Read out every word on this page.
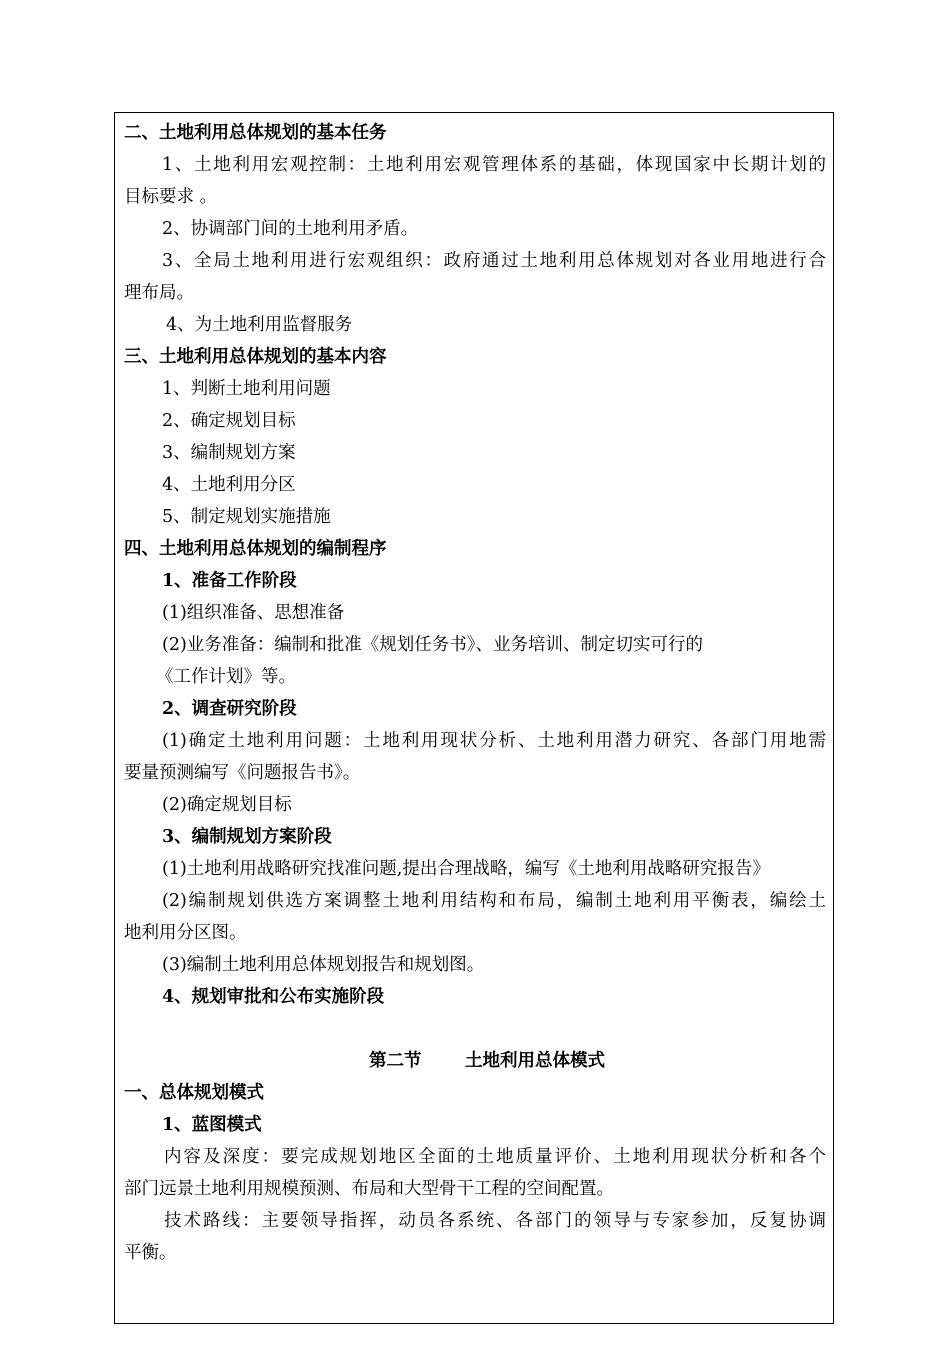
二、土地利用总体规划的基本任务
1、土地利用宏观控制：土地利用宏观管理体系的基础，体现国家中长期计划的
目标要求 。
2、协调部门间的土地利用矛盾。
3、全局土地利用进行宏观组织：政府通过土地利用总体规划对各业用地进行合
理布局。
4、为土地利用监督服务
三、土地利用总体规划的基本内容
1、判断土地利用问题
2、确定规划目标
3、编制规划方案
4、土地利用分区
5、制定规划实施措施
四、土地利用总体规划的编制程序
1、准备工作阶段
(1)组织准备、思想准备
(2)业务准备：编制和批准《规划任务书》、业务培训、制定切实可行的
《工作计划》等。
2、调查研究阶段
(1)确定土地利用问题：土地利用现状分析、土地利用潜力研究、各部门用地需
要量预测编写《问题报告书》。
(2)确定规划目标
3、编制规划方案阶段
(1)土地利用战略研究找准问题,提出合理战略，编写《土地利用战略研究报告》
(2)编制规划供选方案调整土地利用结构和布局，编制土地利用平衡表，编绘土
地利用分区图。
(3)编制土地利用总体规划报告和规划图。
4、规划审批和公布实施阶段
第二节 土地利用总体模式
一、总体规划模式
1、蓝图模式
内容及深度：要完成规划地区全面的土地质量评价、土地利用现状分析和各个
部门远景土地利用规模预测、布局和大型骨干工程的空间配置。
技术路线：主要领导指挥，动员各系统、各部门的领导与专家参加，反复协调
平衡。
